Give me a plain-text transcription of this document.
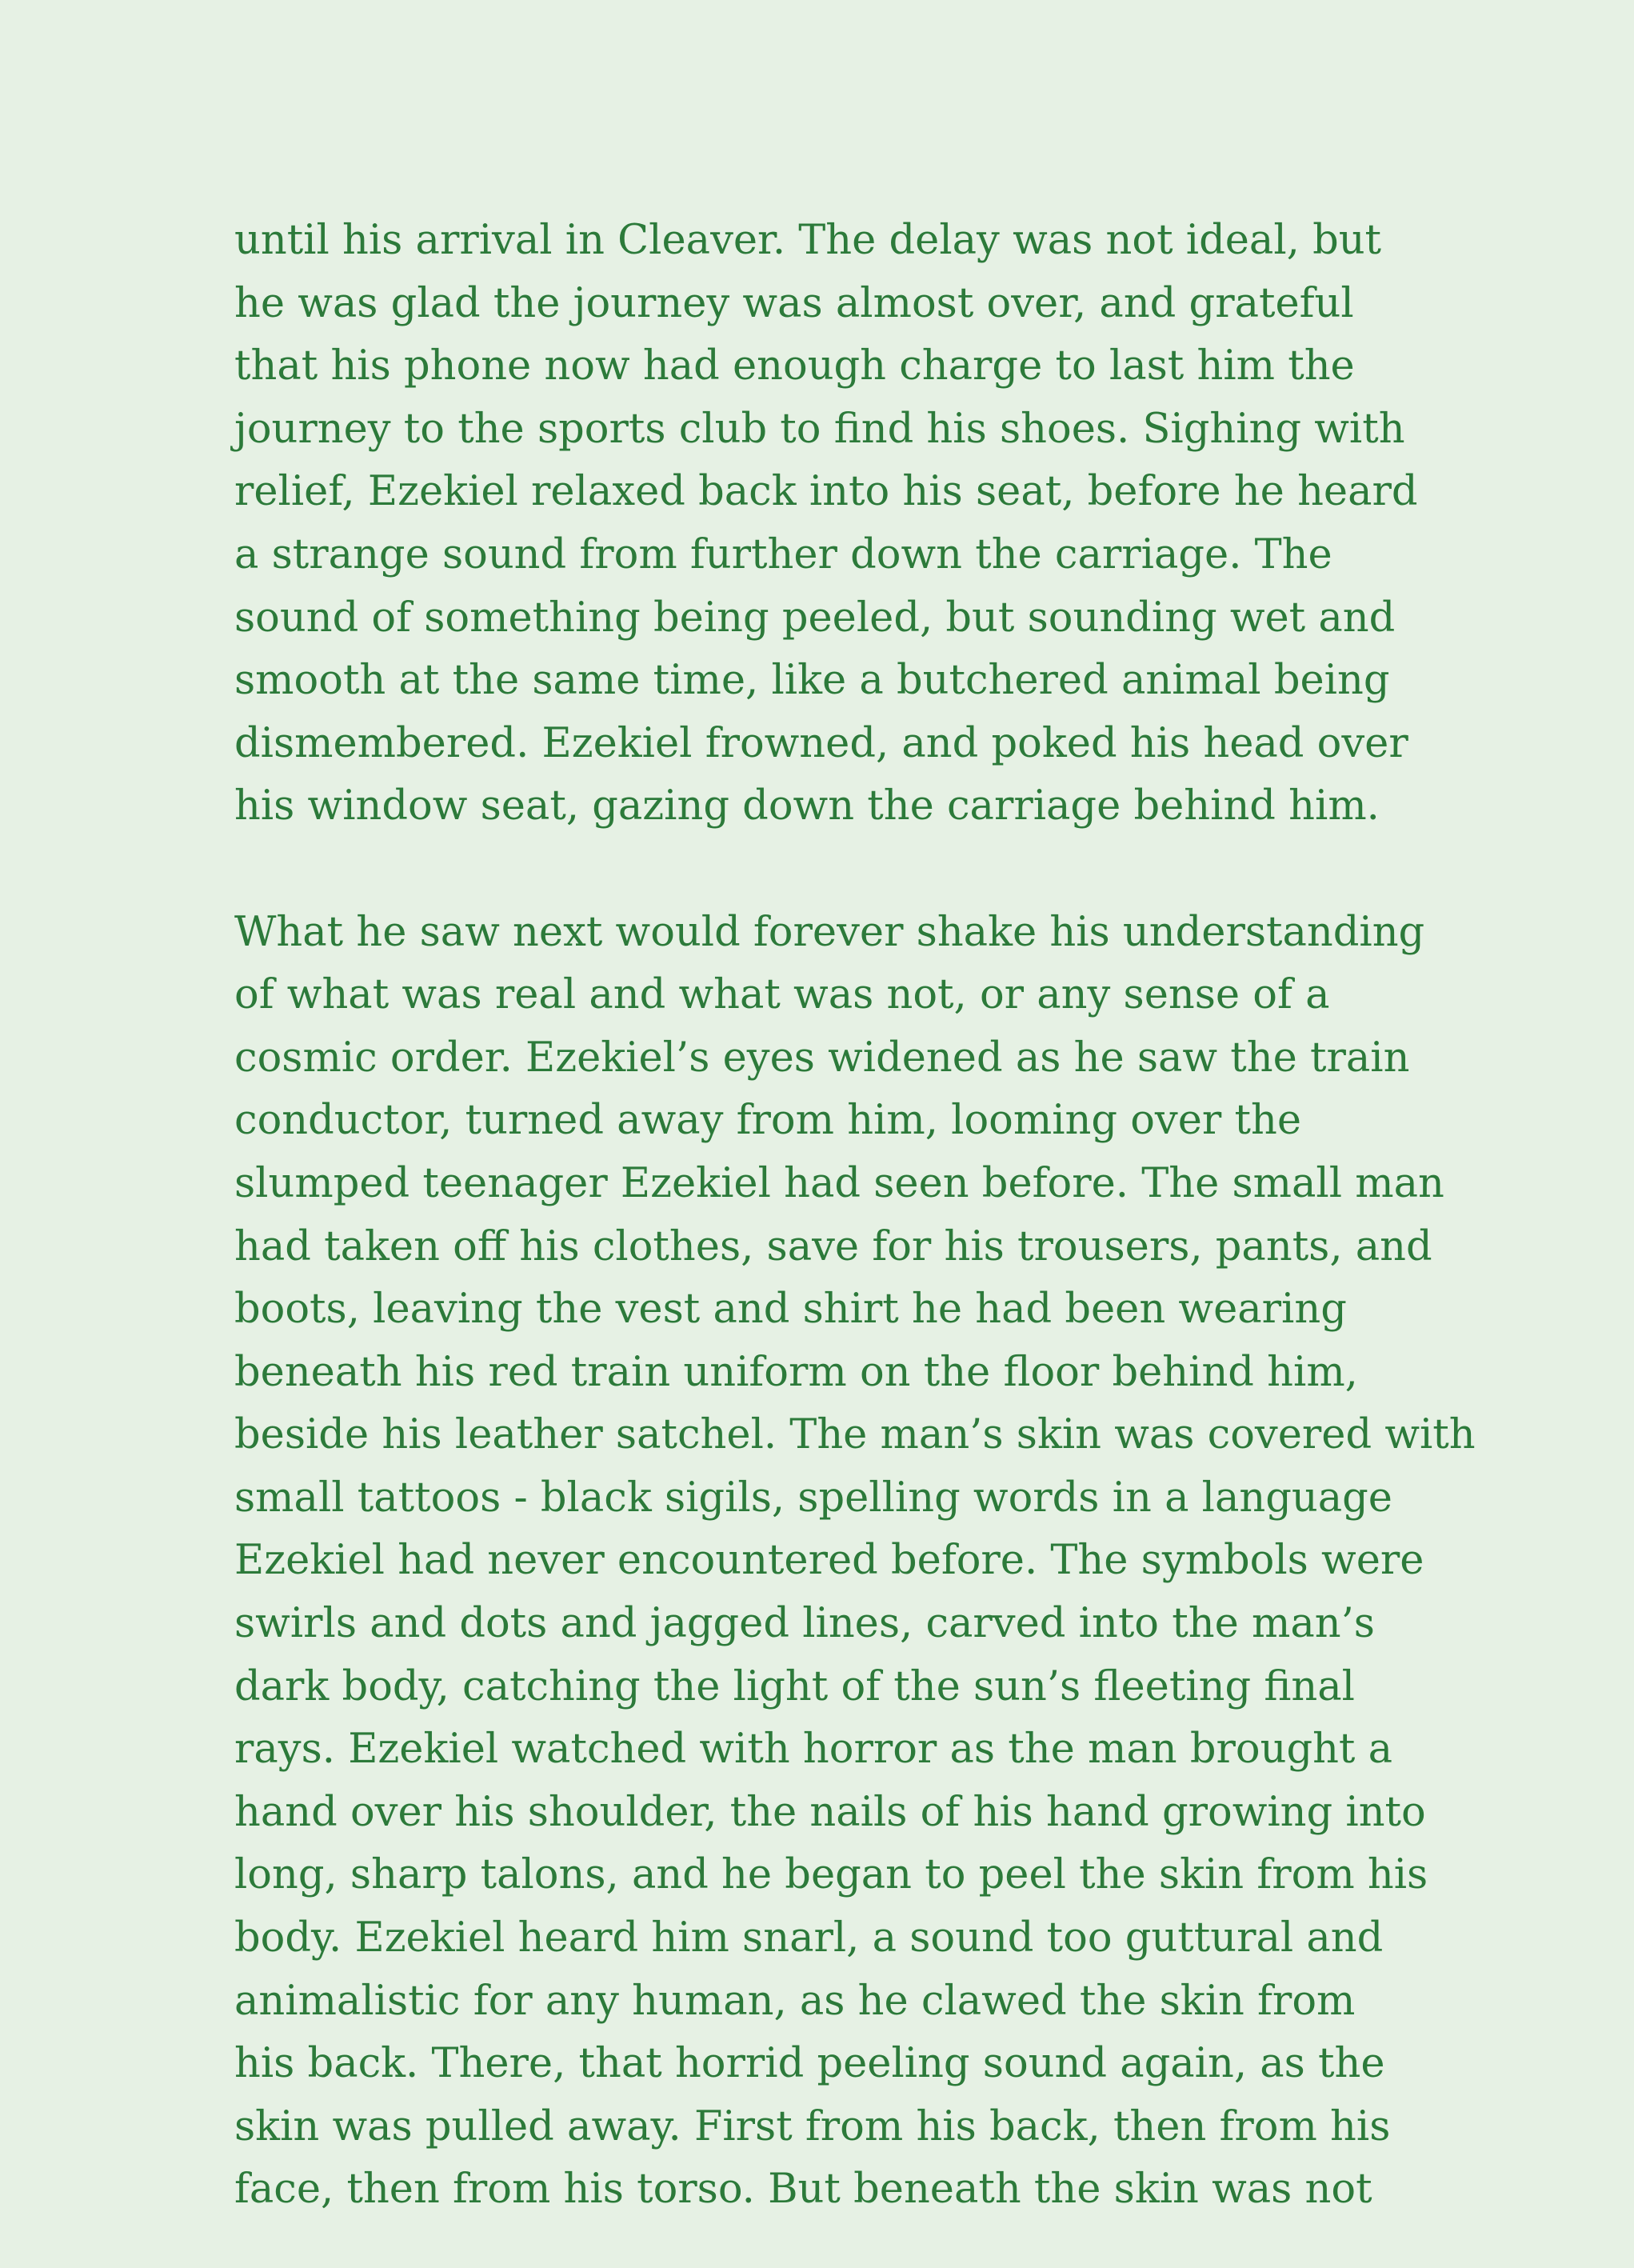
until his arrival in Cleaver. The delay was not ideal, but
he was glad the journey was almost over, and grateful
that his phone now had enough charge to last him the
journey to the sports club to find his shoes. Sighing with
relief, Ezekiel relaxed back into his seat, before he heard
a strange sound from further down the carriage. The
sound of something being peeled, but sounding wet and
smooth at the same time, like a butchered animal being
dismembered. Ezekiel frowned, and poked his head over
his window seat, gazing down the carriage behind him.
What he saw next would forever shake his understanding
of what was real and what was not, or any sense of a
cosmic order. Ezekiel’s eyes widened as he saw the train
conductor, turned away from him, looming over the
slumped teenager Ezekiel had seen before. The small man
had taken off his clothes, save for his trousers, pants, and
boots, leaving the vest and shirt he had been wearing
beneath his red train uniform on the floor behind him,
beside his leather satchel. The man’s skin was covered with
small tattoos - black sigils, spelling words in a language
Ezekiel had never encountered before. The symbols were
swirls and dots and jagged lines, carved into the man’s
dark body, catching the light of the sun’s fleeting final
rays. Ezekiel watched with horror as the man brought a
hand over his shoulder, the nails of his hand growing into
long, sharp talons, and he began to peel the skin from his
body. Ezekiel heard him snarl, a sound too guttural and
animalistic for any human, as he clawed the skin from
his back. There, that horrid peeling sound again, as the
skin was pulled away. First from his back, then from his
face, then from his torso. But beneath the skin was not
